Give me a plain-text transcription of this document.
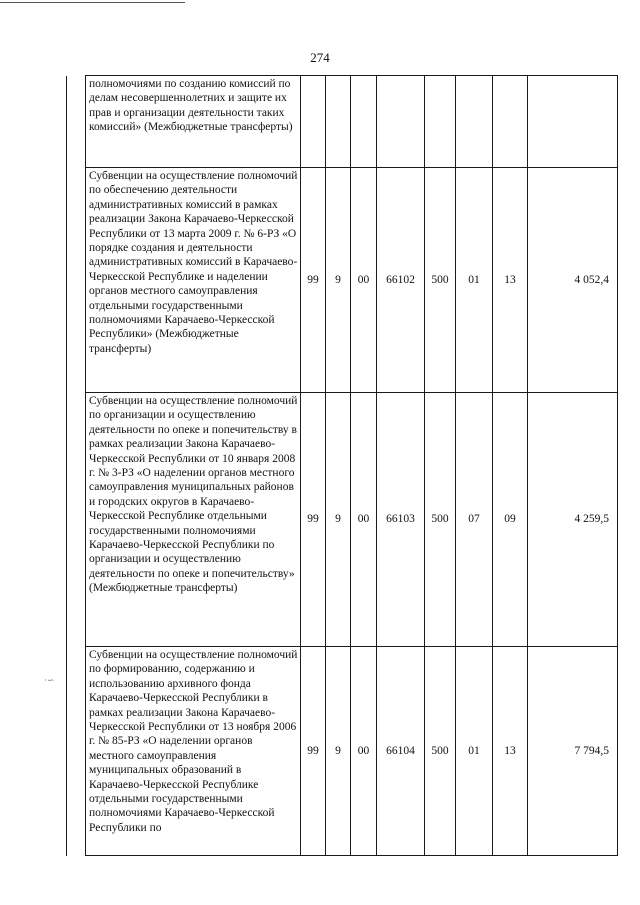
274
	полномочиями по созданию комиссий по делам несовершеннолетних и защите их прав и организации деятельности таких комиссий» (Межбюджетные трансферты)								
	Субвенции на осуществление полномочий по обеспечению деятельности административных комиссий в рамках реализации Закона Карачаево-Черкесской Республики от 13 марта 2009 г. № 6-РЗ «О порядке создания и деятельности административных комиссий в Карачаево-Черкесской Республике и наделении органов местного самоуправления отдельными государственными полномочиями Карачаево-Черкесской Республики» (Межбюджетные трансферты)	99	9	00	66102	500	01	13	4 052,4
	Субвенции на осуществление полномочий по организации и осуществлению деятельности по опеке и попечительству в рамках реализации Закона Карачаево-Черкесской Республики от 10 января 2008 г. № 3-РЗ «О наделении органов местного самоуправления муниципальных районов и городских округов в Карачаево-Черкесской Республике отдельными государственными полномочиями Карачаево-Черкесской Республики по организации и осуществлению деятельности по опеке и попечительству» (Межбюджетные трансферты)	99	9	00	66103	500	07	09	4 259,5
	Субвенции на осуществление полномочий по формированию, содержанию и использованию архивного фонда Карачаево-Черкесской Республики в рамках реализации Закона Карачаево-Черкесской Республики от 13 ноября 2006 г. № 85-РЗ «О наделении органов местного самоуправления муниципальных образований в Карачаево-Черкесской Республике отдельными государственными полномочиями Карачаево-Черкесской Республики по	99	9	00	66104	500	01	13	7 794,5
·∽
